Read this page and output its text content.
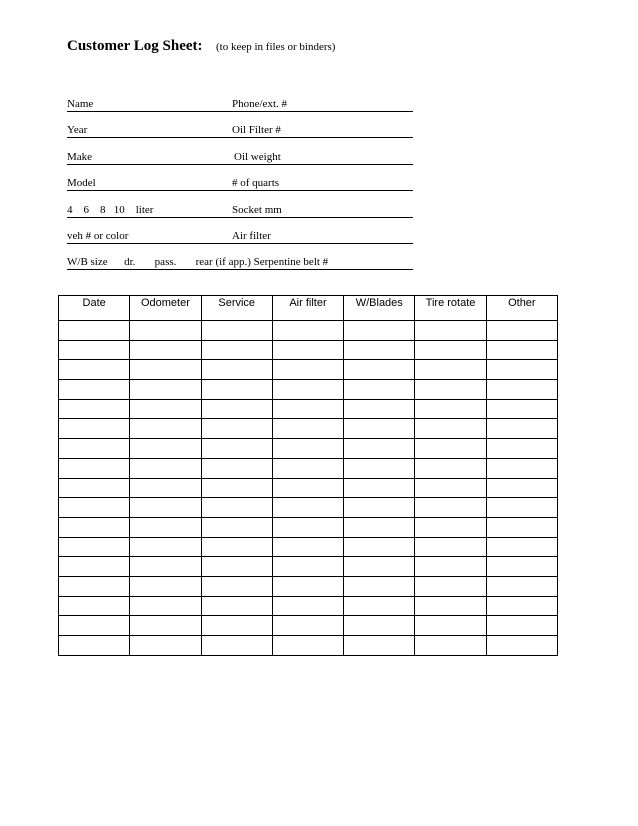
Customer Log Sheet: (to keep in files or binders)
Name	Phone/ext. #
Year	Oil Filter #
Make	Oil weight
Model	# of quarts
4    6    8   10    liter	Socket mm
veh # or color	Air filter
W/B size      dr.       pass.       rear (if app.) Serpentine belt #
Date	Odometer	Service	Air filter	W/Blades	Tire rotate	Other
